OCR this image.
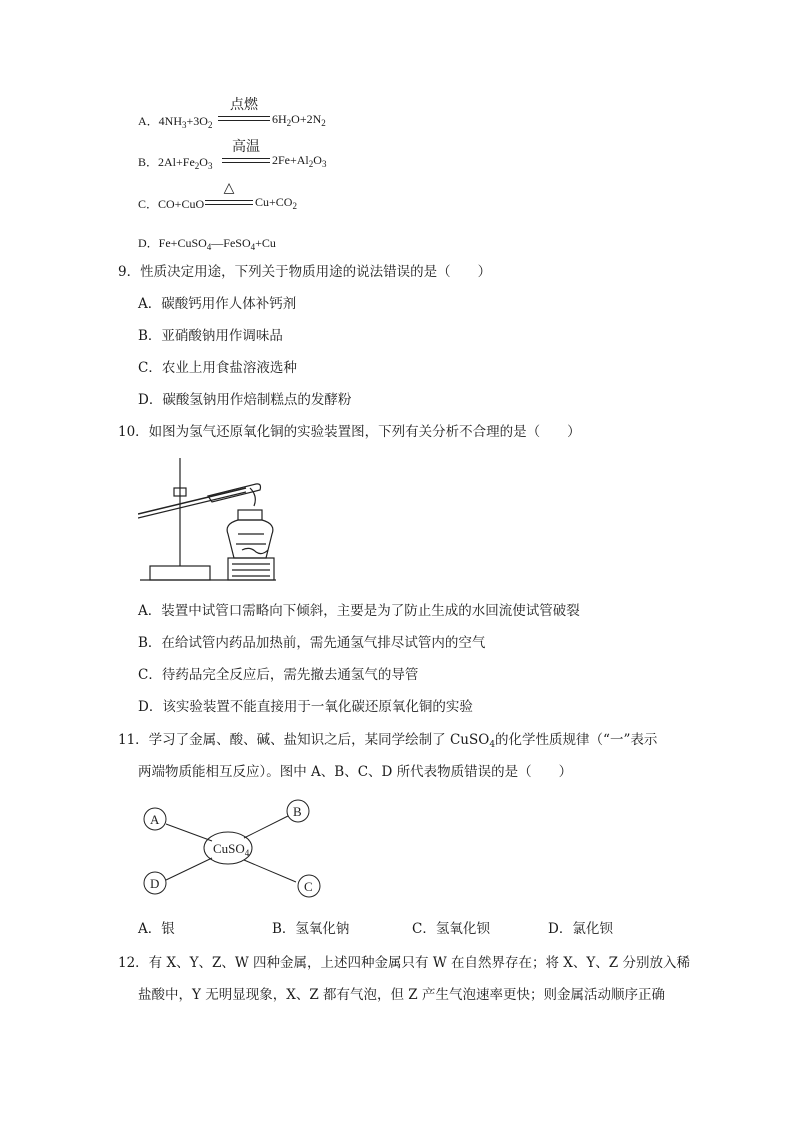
A．$4NH_3+3O_2$
点燃
$6H_2O+2N_2$
B．$2Al+Fe_2O_3$
高温
$2Fe+Al_2O_3$
C．CO+CuO
△
$Cu+CO_2$
D．Fe+CuSO$_4$—FeSO$_4$+Cu
9．性质决定用途，下列关于物质用途的说法错误的是（　　）
A．碳酸钙用作人体补钙剂
B．亚硝酸钠用作调味品
C．农业上用食盐溶液选种
D．碳酸氢钠用作焙制糕点的发酵粉
10．如图为氢气还原氧化铜的实验装置图，下列有关分析不合理的是（　　）
A．装置中试管口需略向下倾斜，主要是为了防止生成的水回流使试管破裂
B．在给试管内药品加热前，需先通氢气排尽试管内的空气
C．待药品完全反应后，需先撤去通氢气的导管
D．该实验装置不能直接用于一氧化碳还原氧化铜的实验
11．学习了金属、酸、碱、盐知识之后，某同学绘制了 CuSO$_4$的化学性质规律（“一”表示
两端物质能相互反应）。图中 A、B、C、D 所代表物质错误的是（　　）
CuSO$_4$
A
B
C
D
A．银	B．氢氧化钠	C．氢氧化钡	D．氯化钡
12．有 X、Y、Z、W 四种金属，上述四种金属只有 W 在自然界存在；将 X、Y、Z 分别放入稀
盐酸中，Y 无明显现象，X、Z 都有气泡，但 Z 产生气泡速率更快；则金属活动顺序正确
